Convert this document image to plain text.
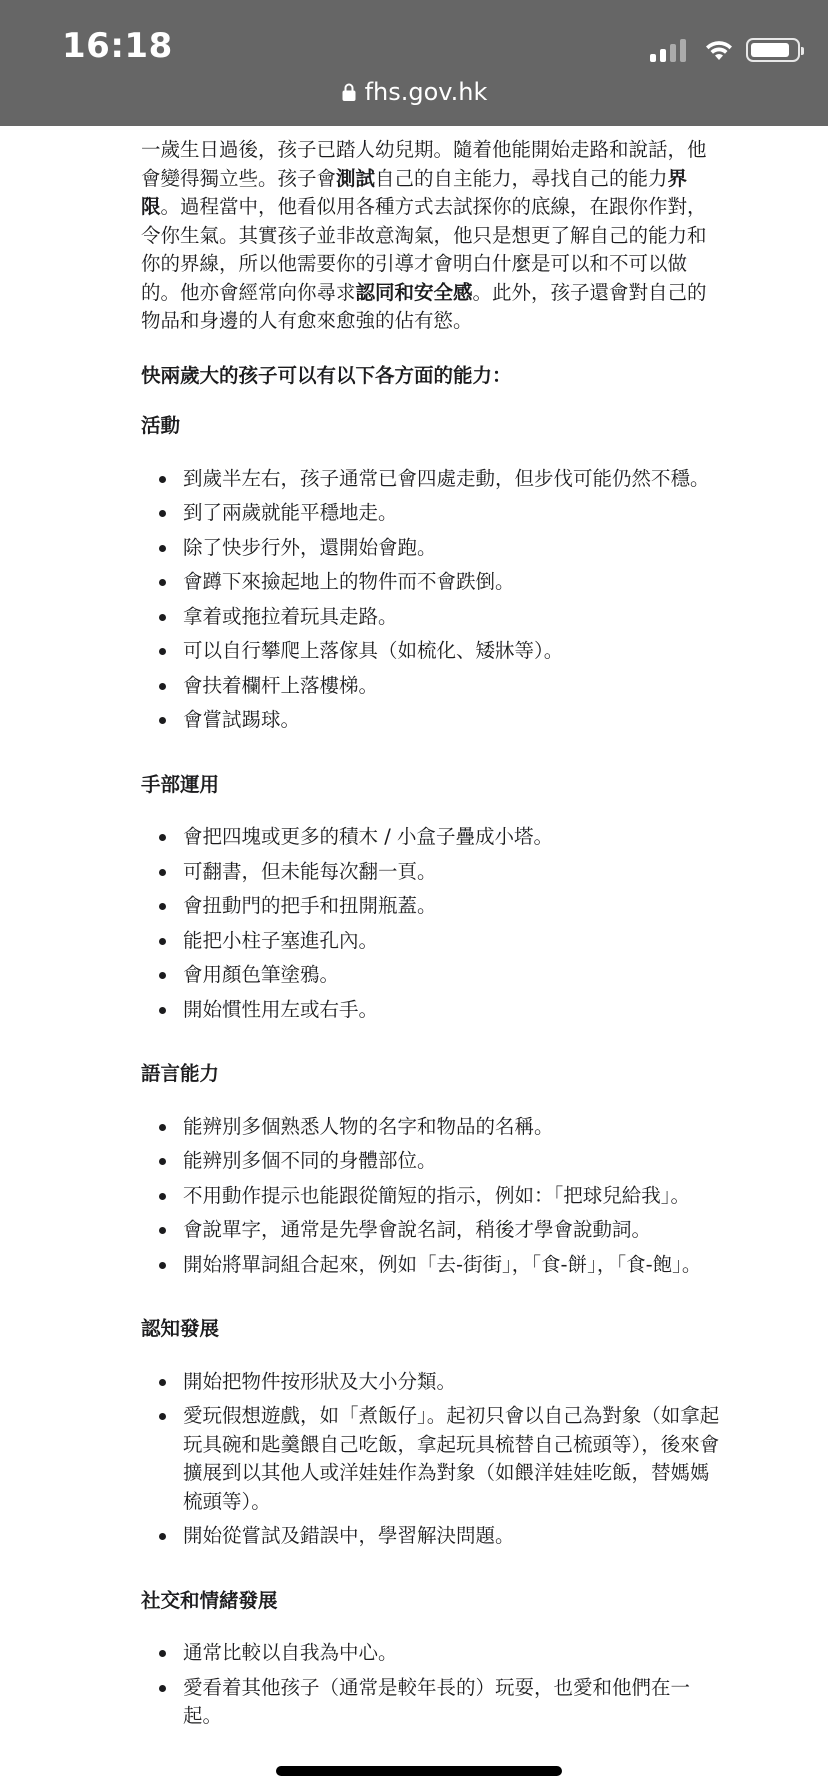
16:18
fhs.gov.hk

一歲生日過後，孩子已踏人幼兒期。隨着他能開始走路和說話，他會變得獨立些。孩子會測試自己的自主能力，尋找自己的能力界限。過程當中，他看似用各種方式去試探你的底線，在跟你作對，令你生氣。其實孩子並非故意淘氣，他只是想更了解自己的能力和你的界線，所以他需要你的引導才會明白什麼是可以和不可以做的。他亦會經常向你尋求認同和安全感。此外，孩子還會對自己的物品和身邊的人有愈來愈強的佔有慾。

快兩歲大的孩子可以有以下各方面的能力：

活動
到歲半左右，孩子通常已會四處走動，但步伐可能仍然不穩。
到了兩歲就能平穩地走。
除了快步行外，還開始會跑。
會蹲下來撿起地上的物件而不會跌倒。
拿着或拖拉着玩具走路。
可以自行攀爬上落傢具（如梳化、矮牀等）。
會扶着欄杆上落樓梯。
會嘗試踢球。
手部運用
會把四塊或更多的積木 / 小盒子疊成小塔。
可翻書，但未能每次翻一頁。
會扭動門的把手和扭開瓶蓋。
能把小柱子塞進孔內。
會用顏色筆塗鴉。
開始慣性用左或右手。
語言能力
能辨別多個熟悉人物的名字和物品的名稱。
能辨別多個不同的身體部位。
不用動作提示也能跟從簡短的指示，例如：「把球兒給我」。
會說單字，通常是先學會說名詞，稍後才學會說動詞。
開始將單詞組合起來，例如「去-街街」，「食-餅」，「食-飽」。
認知發展
開始把物件按形狀及大小分類。
愛玩假想遊戲，如「煮飯仔」。起初只會以自己為對象（如拿起玩具碗和匙羹餵自己吃飯，拿起玩具梳替自己梳頭等），後來會擴展到以其他人或洋娃娃作為對象（如餵洋娃娃吃飯，替媽媽梳頭等）。
開始從嘗試及錯誤中，學習解決問題。
社交和情緒發展
通常比較以自我為中心。
愛看着其他孩子（通常是較年長的）玩耍，也愛和他們在一起。
